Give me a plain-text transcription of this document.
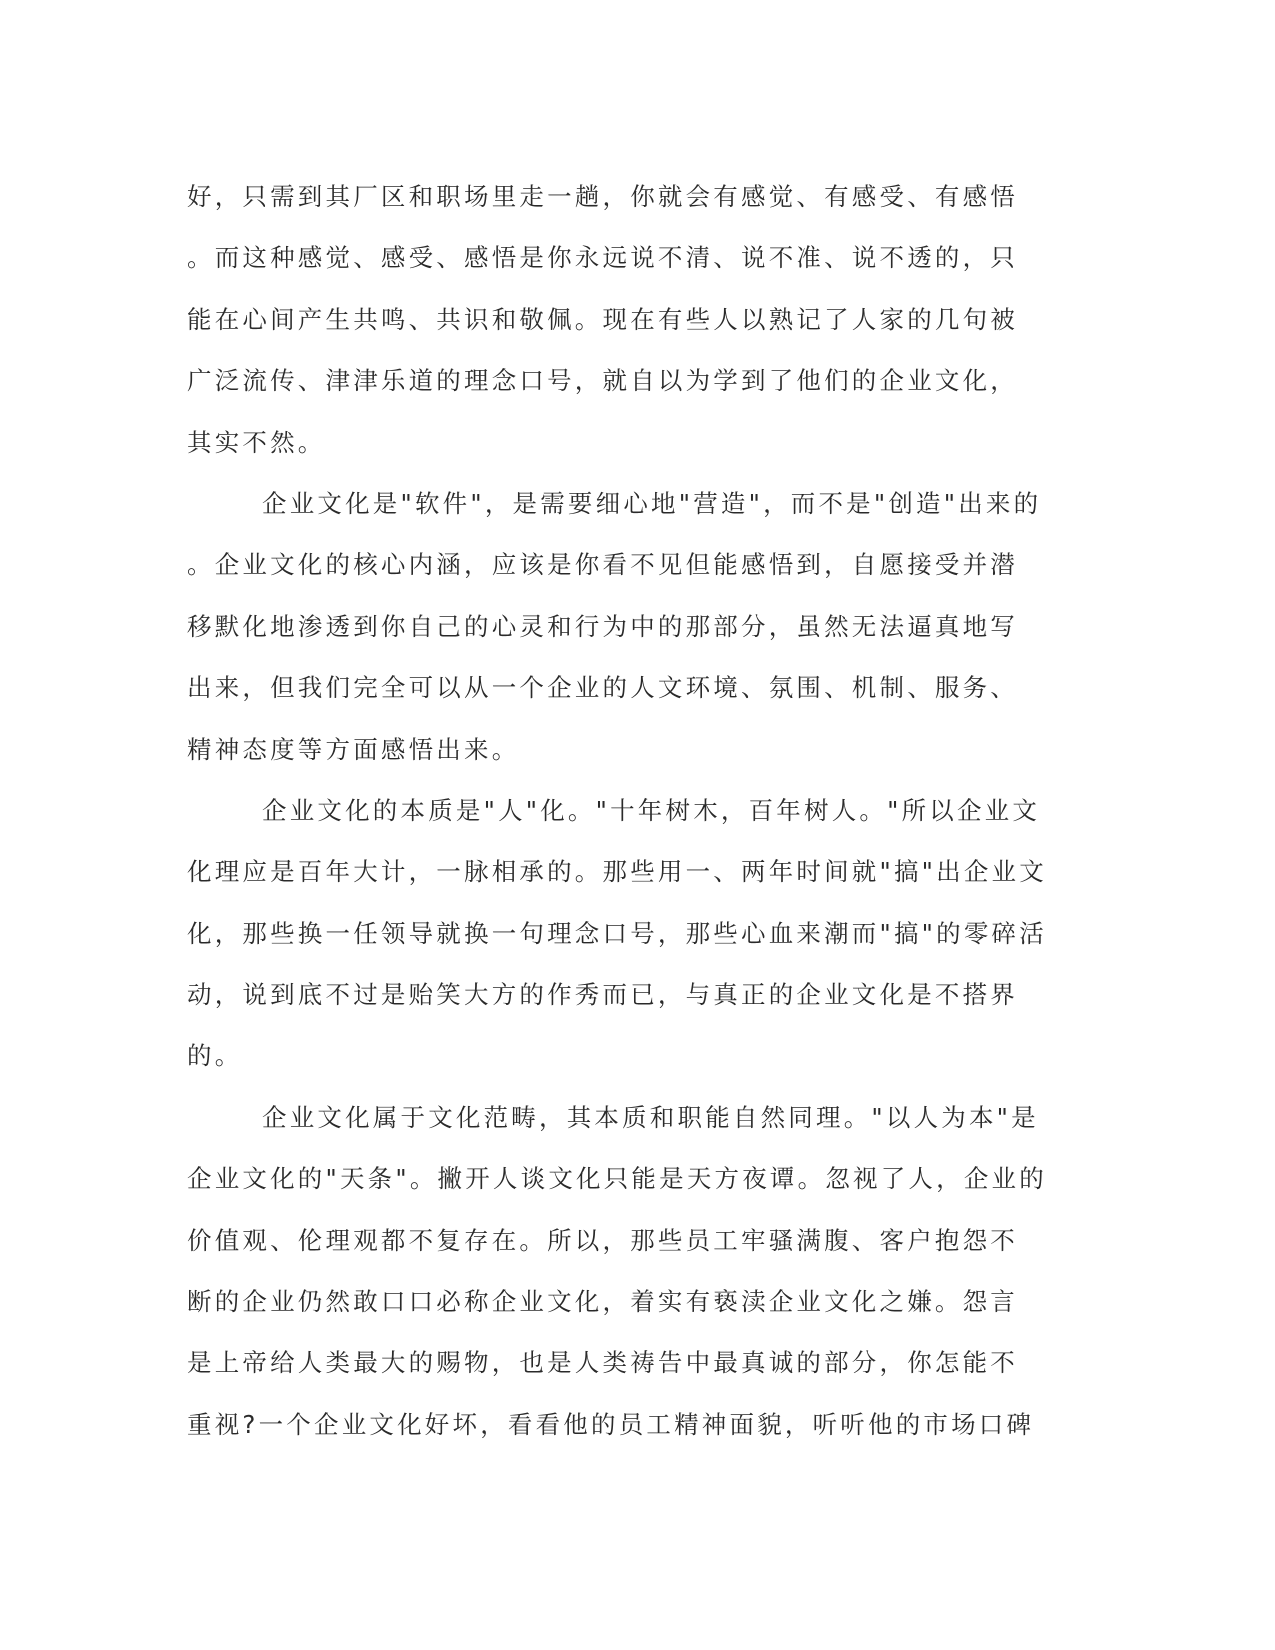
好，只需到其厂区和职场里走一趟，你就会有感觉、有感受、有感悟
。而这种感觉、感受、感悟是你永远说不清、说不准、说不透的，只
能在心间产生共鸣、共识和敬佩。现在有些人以熟记了人家的几句被
广泛流传、津津乐道的理念口号，就自以为学到了他们的企业文化，
其实不然。
企业文化是"软件"，是需要细心地"营造"，而不是"创造"出来的
。企业文化的核心内涵，应该是你看不见但能感悟到，自愿接受并潜
移默化地渗透到你自己的心灵和行为中的那部分，虽然无法逼真地写
出来，但我们完全可以从一个企业的人文环境、氛围、机制、服务、
精神态度等方面感悟出来。
企业文化的本质是"人"化。"十年树木，百年树人。"所以企业文
化理应是百年大计，一脉相承的。那些用一、两年时间就"搞"出企业文
化，那些换一任领导就换一句理念口号，那些心血来潮而"搞"的零碎活
动，说到底不过是贻笑大方的作秀而已，与真正的企业文化是不搭界
的。
企业文化属于文化范畴，其本质和职能自然同理。"以人为本"是
企业文化的"天条"。撇开人谈文化只能是天方夜谭。忽视了人，企业的
价值观、伦理观都不复存在。所以，那些员工牢骚满腹、客户抱怨不
断的企业仍然敢口口必称企业文化，着实有亵渎企业文化之嫌。怨言
是上帝给人类最大的赐物，也是人类祷告中最真诚的部分，你怎能不
重视?一个企业文化好坏，看看他的员工精神面貌，听听他的市场口碑
